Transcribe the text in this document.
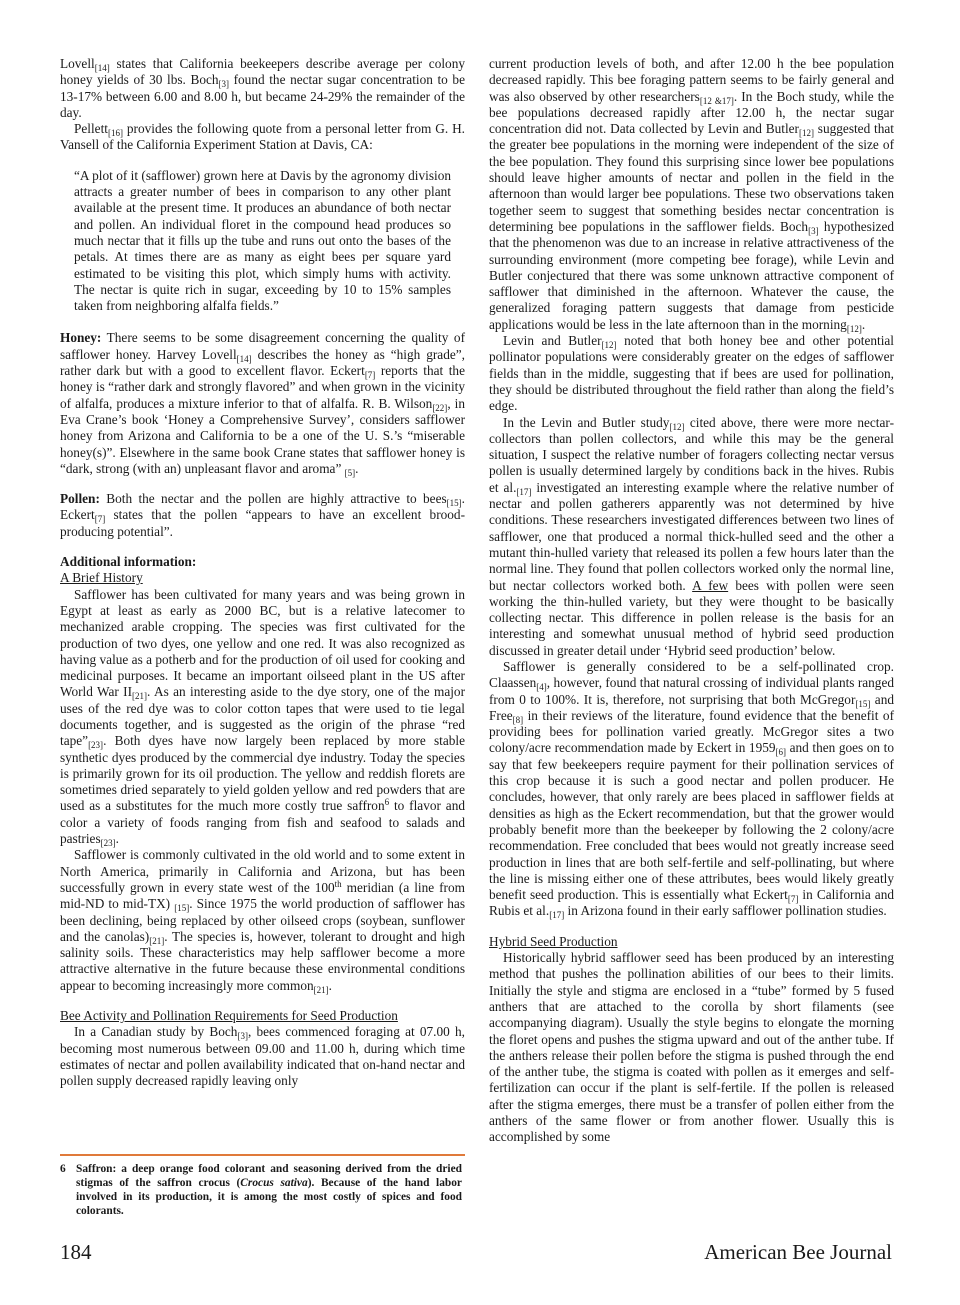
Lovell$_{[14]}$ states that California beekeepers describe average per colony honey yields of 30 lbs. Boch$_{[3]}$ found the nectar sugar concentration to be 13-17% between 6.00 and 8.00 h, but became 24-29% the remainder of the day.

Pellett$_{[16]}$ provides the following quote from a personal letter from G. H. Vansell of the California Experiment Station at Davis, CA:

“A plot of it (safflower) grown here at Davis by the agronomy division attracts a greater number of bees in comparison to any other plant available at the present time. It produces an abundance of both nectar and pollen. An individual floret in the compound head produces so much nectar that it fills up the tube and runs out onto the bases of the petals. At times there are as many as eight bees per square yard estimated to be visiting this plot, which simply hums with activity. The nectar is quite rich in sugar, exceeding by 10 to 15% samples taken from neighboring alfalfa fields.”

Honey: There seems to be some disagreement concerning the quality of safflower honey. Harvey Lovell$_{[14]}$ describes the honey as “high grade”, rather dark but with a good to excellent flavor. Eckert$_{[7]}$ reports that the honey is “rather dark and strongly flavored” and when grown in the vicinity of alfalfa, produces a mixture inferior to that of alfalfa. R. B. Wilson$_{[22]}$, in Eva Crane’s book ‘Honey a Comprehensive Survey’, considers safflower honey from Arizona and California to be a one of the U. S.’s “miserable honey(s)”. Elsewhere in the same book Crane states that safflower honey is “dark, strong (with an) unpleasant flavor and aroma” $_{[5]}$.

Pollen: Both the nectar and the pollen are highly attractive to bees$_{[15]}$. Eckert$_{[7]}$ states that the pollen “appears to have an excellent brood-producing potential”.

Additional information:

A Brief History

Safflower has been cultivated for many years and was being grown in Egypt at least as early as 2000 BC, but is a relative latecomer to mechanized arable cropping. The species was first cultivated for the production of two dyes, one yellow and one red. It was also recognized as having value as a potherb and for the production of oil used for cooking and medicinal purposes. It became an important oilseed plant in the US after World War $II_{[21]}$. As an interesting aside to the dye story, one of the major uses of the red dye was to color cotton tapes that were used to tie legal documents together, and is suggested as the origin of the phrase “red $tape”_{[23]}$. Both dyes have now largely been replaced by more stable synthetic dyes produced by the commercial dye industry. Today the species is primarily grown for its oil production. The yellow and reddish florets are sometimes dried separately to yield golden yellow and red powders that are used as a substitutes for the much more costly true saffron$^6$ to flavor and color a variety of foods ranging from fish and seafood to salads and pastries$_{[23]}$.

Safflower is commonly cultivated in the old world and to some extent in North America, primarily in California and Arizona, but has been successfully grown in every state west of the 100th meridian (a line from mid-ND to mid-TX) $_{[15]}$. Since 1975 the world production of safflower has been declining, being replaced by other oilseed crops (soybean, sunflower and the $canolas)_{[21]}$. The species is, however, tolerant to drought and high salinity soils. These characteristics may help safflower become a more attractive alternative in the future because these environmental conditions appear to becoming increasingly more common$_{[21]}$.

Bee Activity and Pollination Requirements for Seed Production

In a Canadian study by Boch$_{[3]}$, bees commenced foraging at 07.00 h, becoming most numerous between 09.00 and 11.00 h, during which time estimates of nectar and pollen availability indicated that on-hand nectar and pollen supply decreased rapidly leaving only

6 Saffron: a deep orange food colorant and seasoning derived from the dried stigmas of the saffron crocus (Crocus sativa). Because of the hand labor involved in its production, it is among the most costly of spices and food colorants.

current production levels of both, and after 12.00 h the bee population decreased rapidly. This bee foraging pattern seems to be fairly general and was also observed by other researchers$_{[12 \&17]}$. In the Boch study, while the bee populations decreased rapidly after 12.00 h, the nectar sugar concentration did not. Data collected by Levin and Butler$_{[12]}$ suggested that the greater bee populations in the morning were independent of the size of the bee population. They found this surprising since lower bee populations should leave higher amounts of nectar and pollen in the field in the afternoon than would larger bee populations. These two observations taken together seem to suggest that something besides nectar concentration is determining bee populations in the safflower fields. Boch$_{[3]}$ hypothesized that the phenomenon was due to an increase in relative attractiveness of the surrounding environment (more competing bee forage), while Levin and Butler conjectured that there was some unknown attractive component of safflower that diminished in the afternoon. Whatever the cause, the generalized foraging pattern suggests that damage from pesticide applications would be less in the late afternoon than in the morning$_{[12]}$.

Levin and Butler$_{[12]}$ noted that both honey bee and other potential pollinator populations were considerably greater on the edges of safflower fields than in the middle, suggesting that if bees are used for pollination, they should be distributed throughout the field rather than along the field’s edge.

In the Levin and Butler study$_{[12]}$ cited above, there were more nectar-collectors than pollen collectors, and while this may be the general situation, I suspect the relative number of foragers collecting nectar versus pollen is usually determined largely by conditions back in the hives. Rubis et $al._{[17]}$ investigated an interesting example where the relative number of nectar and pollen gatherers apparently was not determined by hive conditions. These researchers investigated differences between two lines of safflower, one that produced a normal thick-hulled seed and the other a mutant thin-hulled variety that released its pollen a few hours later than the normal line. They found that pollen collectors worked only the normal line, but nectar collectors worked both. A few bees with pollen were seen working the thin-hulled variety, but they were thought to be basically collecting nectar. This difference in pollen release is the basis for an interesting and somewhat unusual method of hybrid seed production discussed in greater detail under ‘Hybrid seed production’ below.

Safflower is generally considered to be a self-pollinated crop. Claassen$_{[4]}$, however, found that natural crossing of individual plants ranged from 0 to 100%. It is, therefore, not surprising that both McGregor$_{[15]}$ and Free$_{[8]}$ in their reviews of the literature, found evidence that the benefit of providing bees for pollination varied greatly. McGregor sites a two colony/acre recommendation made by Eckert in $1959_{[6]}$ and then goes on to say that few beekeepers require payment for their pollination services of this crop because it is such a good nectar and pollen producer. He concludes, however, that only rarely are bees placed in safflower fields at densities as high as the Eckert recommendation, but that the grower would probably benefit more than the beekeeper by following the 2 colony/acre recommendation. Free concluded that bees would not greatly increase seed production in lines that are both self-fertile and self-pollinating, but where the line is missing either one of these attributes, bees would likely greatly benefit seed production. This is essentially what Eckert$_{[7]}$ in California and Rubis et $al._{[17]}$ in Arizona found in their early safflower pollination studies.

Hybrid Seed Production

Historically hybrid safflower seed has been produced by an interesting method that pushes the pollination abilities of our bees to their limits. Initially the style and stigma are enclosed in a “tube” formed by 5 fused anthers that are attached to the corolla by short filaments (see accompanying diagram). Usually the style begins to elongate the morning the floret opens and pushes the stigma upward and out of the anther tube. If the anthers release their pollen before the stigma is pushed through the end of the anther tube, the stigma is coated with pollen as it emerges and self-fertilization can occur if the plant is self-fertile. If the pollen is released after the stigma emerges, there must be a transfer of pollen either from the anthers of the same flower or from another flower. Usually this is accomplished by some

184	American Bee Journal
